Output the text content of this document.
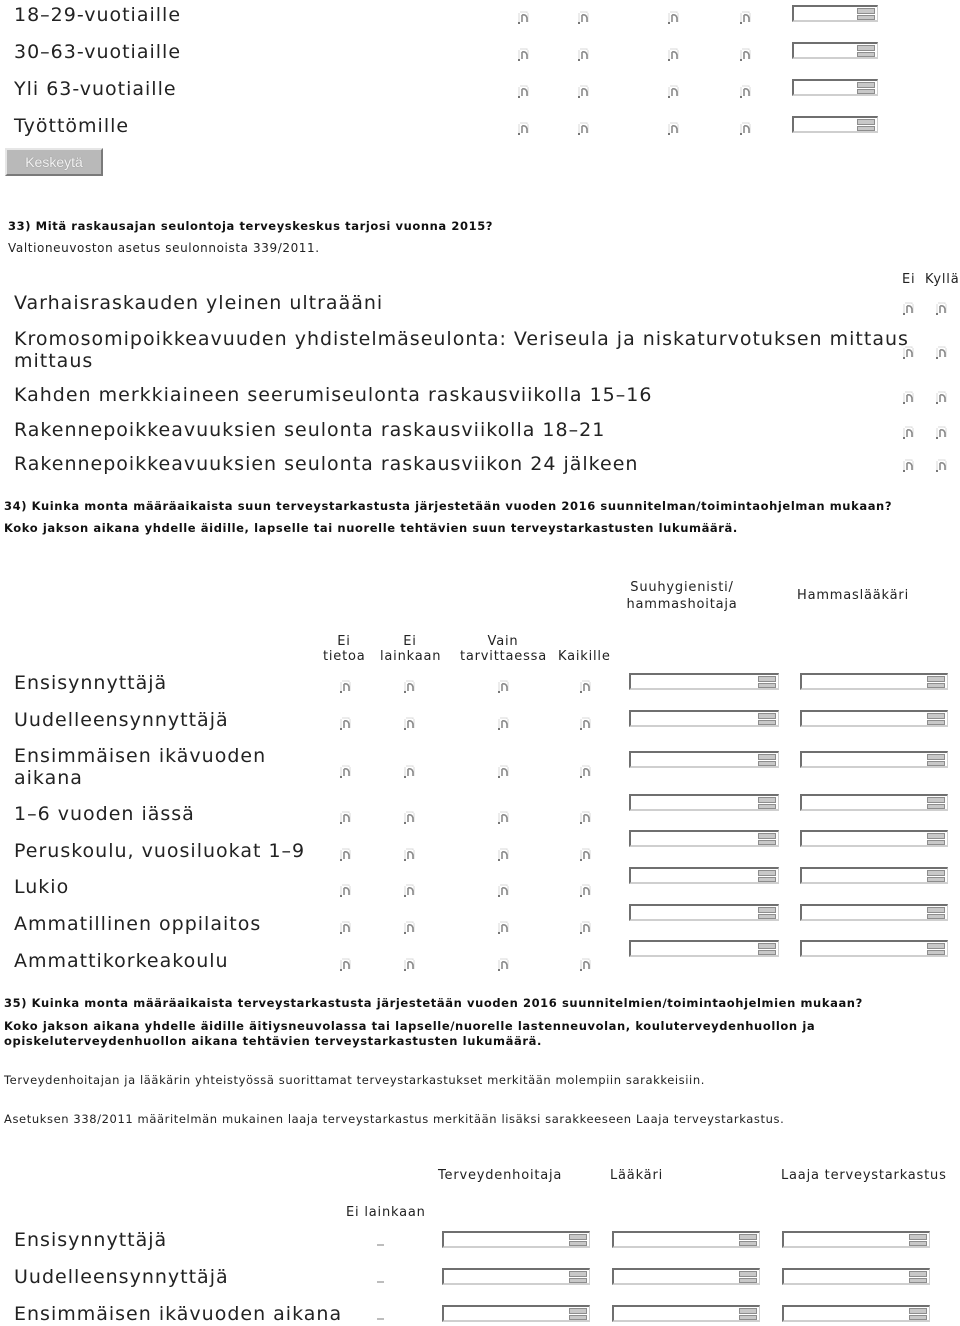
18–29-vuotiaille
30–63-vuotiaille
Yli 63-vuotiaille
Työttömille
Keskeytä
33) Mitä raskausajan seulontoja terveyskeskus tarjosi vuonna 2015?
Valtioneuvoston asetus seulonnoista 339/2011.
Ei Kyllä
Varhaisraskauden yleinen ultraääni
Kromosomipoikkeavuuden yhdistelmäseulonta: Veriseula ja niskaturvotuksen mittaus
mittaus
Kahden merkkiaineen seerumiseulonta raskausviikolla 15–16
Rakennepoikkeavuuksien seulonta raskausviikolla 18–21
Rakennepoikkeavuuksien seulonta raskausviikon 24 jälkeen
34) Kuinka monta määräaikaista suun terveystarkastusta järjestetään vuoden 2016 suunnitelman/toimintaohjelman mukaan?
Koko jakson aikana yhdelle äidille, lapselle tai nuorelle tehtävien suun terveystarkastusten lukumäärä.
Suuhygienisti/
hammashoitaja
Hammaslääkäri
Ei
tietoa
Ei
lainkaan
Vain
tarvittaessa Kaikille
Ensisynnyttäjä
Uudelleensynnyttäjä
Ensimmäisen ikävuoden
aikana
1–6 vuoden iässä
Peruskoulu, vuosiluokat 1–9
Lukio
Ammatillinen oppilaitos
Ammattikorkeakoulu
35) Kuinka monta määräaikaista terveystarkastusta järjestetään vuoden 2016 suunnitelmien/toimintaohjelmien mukaan?
Koko jakson aikana yhdelle äidille äitiysneuvolassa tai lapselle/nuorelle lastenneuvolan, kouluterveydenhuollon ja
opiskeluterveydenhuollon aikana tehtävien terveystarkastusten lukumäärä.
Terveydenhoitajan ja lääkärin yhteistyössä suorittamat terveystarkastukset merkitään molempiin sarakkeisiin.
Asetuksen 338/2011 määritelmän mukainen laaja terveystarkastus merkitään lisäksi sarakkeeseen Laaja terveystarkastus.
Terveydenhoitaja	Lääkäri	Laaja terveystarkastus
Ei lainkaan
Ensisynnyttäjä
Uudelleensynnyttäjä
Ensimmäisen ikävuoden aikana
